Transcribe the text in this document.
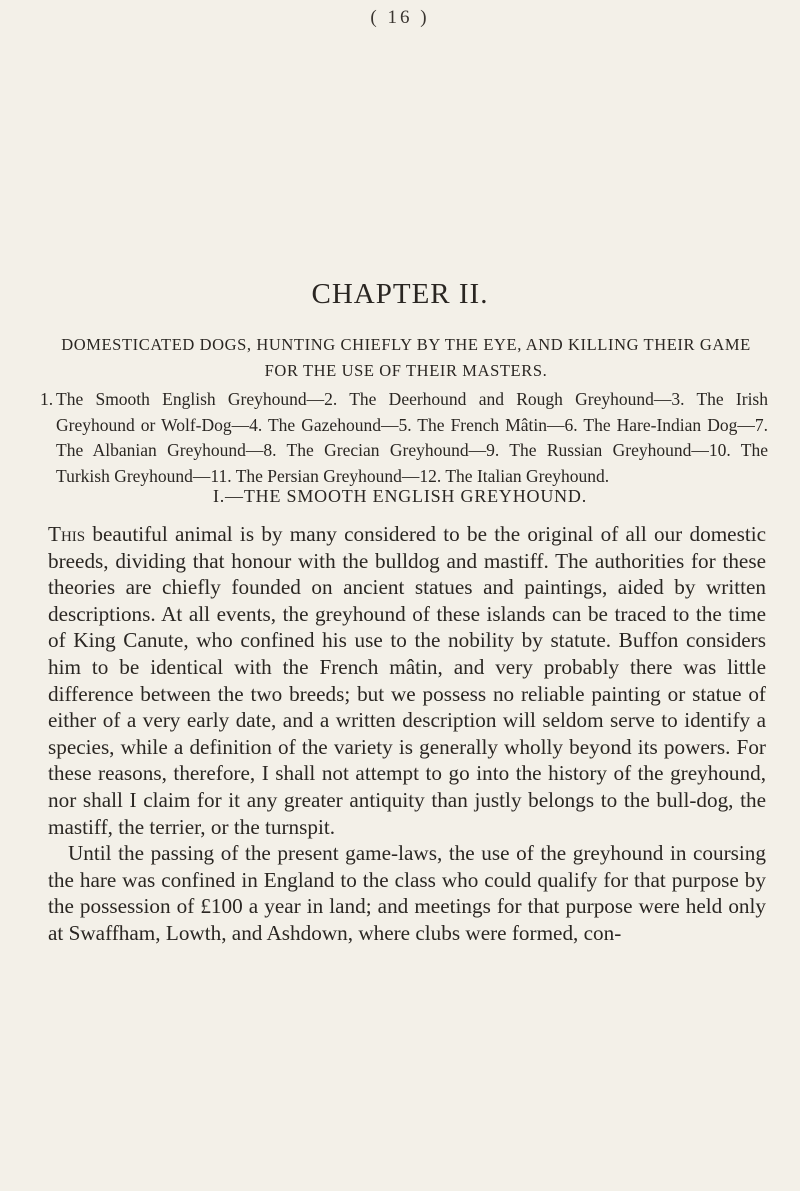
( 16 )
CHAPTER II.
DOMESTICATED DOGS, HUNTING CHIEFLY BY THE EYE, AND KILLING THEIR GAME FOR THE USE OF THEIR MASTERS.
1. The Smooth English Greyhound—2. The Deerhound and Rough Greyhound—3. The Irish Greyhound or Wolf-Dog—4. The Gazehound—5. The French Mâtin—6. The Hare-Indian Dog—7. The Albanian Greyhound—8. The Grecian Greyhound—9. The Russian Greyhound—10. The Turkish Greyhound—11. The Persian Greyhound—12. The Italian Greyhound.
I.—THE SMOOTH ENGLISH GREYHOUND.

This beautiful animal is by many considered to be the original of all our domestic breeds, dividing that honour with the bulldog and mastiff. The authorities for these theories are chiefly founded on ancient statues and paintings, aided by written descriptions. At all events, the greyhound of these islands can be traced to the time of King Canute, who confined his use to the nobility by statute. Buffon considers him to be identical with the French mâtin, and very probably there was little difference between the two breeds; but we possess no reliable painting or statue of either of a very early date, and a written description will seldom serve to identify a species, while a definition of the variety is generally wholly beyond its powers. For these reasons, therefore, I shall not attempt to go into the history of the greyhound, nor shall I claim for it any greater antiquity than justly belongs to the bull-dog, the mastiff, the terrier, or the turnspit.

Until the passing of the present game-laws, the use of the greyhound in coursing the hare was confined in England to the class who could qualify for that purpose by the possession of £100 a year in land; and meetings for that purpose were held only at Swaffham, Lowth, and Ashdown, where clubs were formed, con-
